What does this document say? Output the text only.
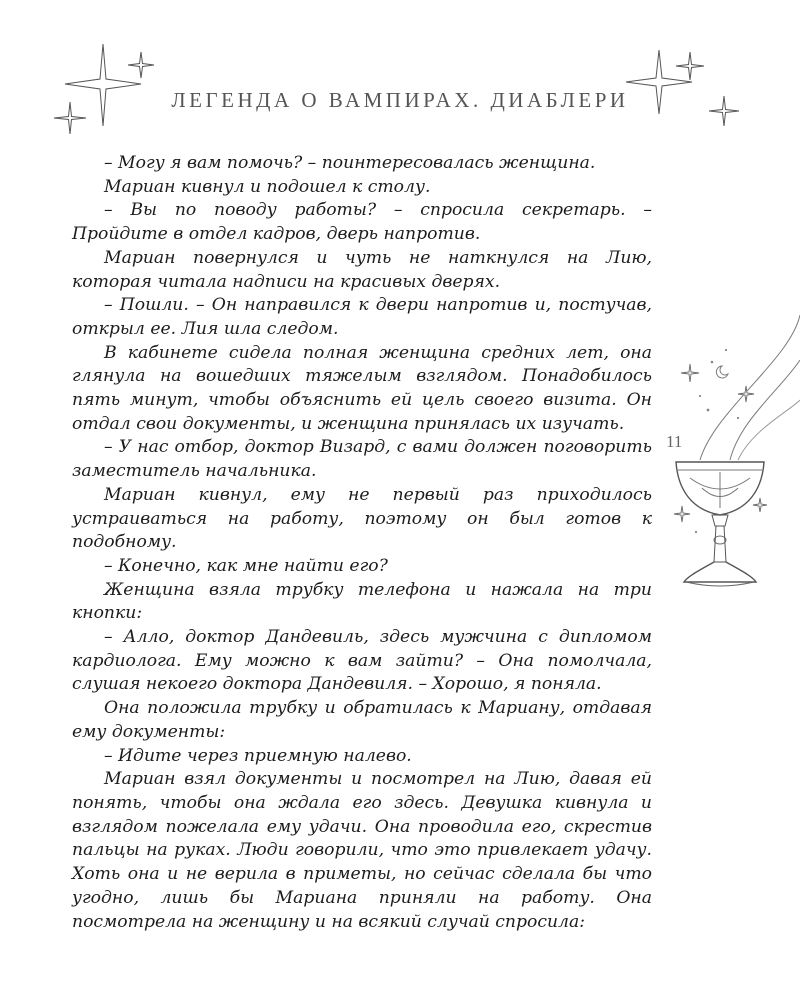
ЛЕГЕНДА О ВАМПИРАХ. ДИАБЛЕРИ

– Могу я вам помочь? – поинтересовалась женщина.

Мариан кивнул и подошел к столу.

– Вы по поводу работы? – спросила секретарь. – Пройдите в отдел кадров, дверь напротив.

Мариан повернулся и чуть не наткнулся на Лию, которая читала надписи на красивых дверях.

– Пошли. – Он направился к двери напротив и, постучав, открыл ее. Лия шла следом.

В кабинете сидела полная женщина средних лет, она глянула на вошедших тяжелым взглядом. Понадобилось пять минут, чтобы объяснить ей цель своего визита. Он отдал свои документы, и женщина принялась их изучать.

– У нас отбор, доктор Визард, с вами должен поговорить заместитель начальника.

Мариан кивнул, ему не первый раз приходилось устраиваться на работу, поэтому он был готов к подобному.

– Конечно, как мне найти его?

Женщина взяла трубку телефона и нажала на три кнопки:

– Алло, доктор Дандевиль, здесь мужчина с дипломом кардиолога. Ему можно к вам зайти? – Она помолчала, слушая некоего доктора Дандевиля. – Хорошо, я поняла.

Она положила трубку и обратилась к Мариану, отдавая ему документы:

– Идите через приемную налево.

Мариан взял документы и посмотрел на Лию, давая ей понять, чтобы она ждала его здесь. Девушка кивнула и взглядом пожелала ему удачи. Она проводила его, скрестив пальцы на руках. Люди говорили, что это привлекает удачу. Хоть она и не верила в приметы, но сейчас сделала бы что угодно, лишь бы Мариана приняли на работу. Она посмотрела на женщину и на всякий случай спросила:

11
